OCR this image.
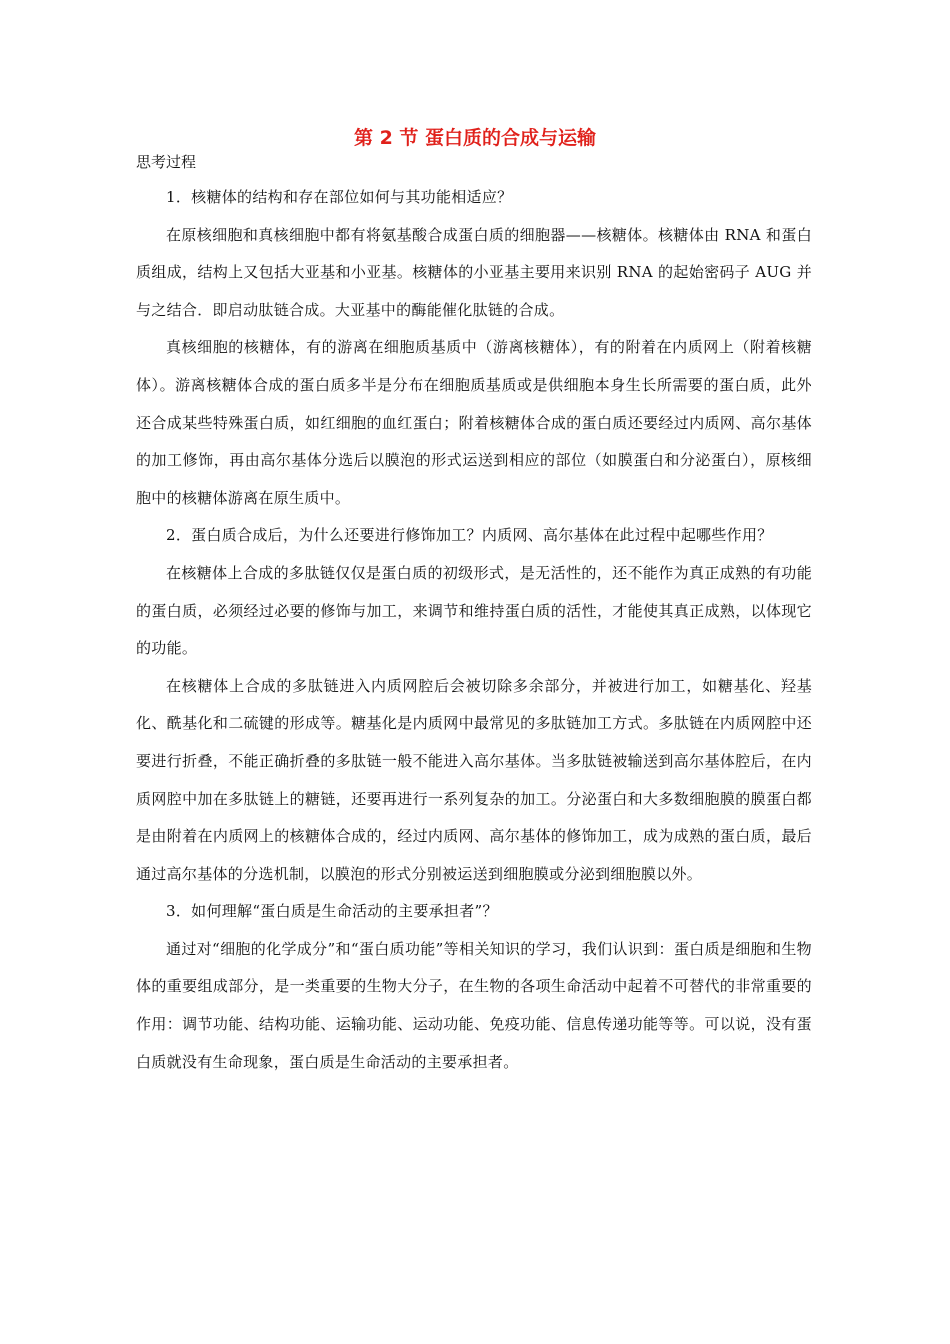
第 2 节 蛋白质的合成与运输
思考过程

1．核糖体的结构和存在部位如何与其功能相适应？

在原核细胞和真核细胞中都有将氨基酸合成蛋白质的细胞器——核糖体。核糖体由 RNA 和蛋白质组成，结构上又包括大亚基和小亚基。核糖体的小亚基主要用来识别 RNA 的起始密码子 AUG 并与之结合．即启动肽链合成。大亚基中的酶能催化肽链的合成。

真核细胞的核糖体，有的游离在细胞质基质中（游离核糖体），有的附着在内质网上（附着核糖体）。游离核糖体合成的蛋白质多半是分布在细胞质基质或是供细胞本身生长所需要的蛋白质，此外还合成某些特殊蛋白质，如红细胞的血红蛋白；附着核糖体合成的蛋白质还要经过内质网、高尔基体的加工修饰，再由高尔基体分选后以膜泡的形式运送到相应的部位（如膜蛋白和分泌蛋白），原核细胞中的核糖体游离在原生质中。

2．蛋白质合成后，为什么还要进行修饰加工？内质网、高尔基体在此过程中起哪些作用？

在核糖体上合成的多肽链仅仅是蛋白质的初级形式，是无活性的，还不能作为真正成熟的有功能的蛋白质，必须经过必要的修饰与加工，来调节和维持蛋白质的活性，才能使其真正成熟，以体现它的功能。

在核糖体上合成的多肽链进入内质网腔后会被切除多余部分，并被进行加工，如糖基化、羟基化、酰基化和二硫键的形成等。糖基化是内质网中最常见的多肽链加工方式。多肽链在内质网腔中还要进行折叠，不能正确折叠的多肽链一般不能进入高尔基体。当多肽链被输送到高尔基体腔后，在内质网腔中加在多肽链上的糖链，还要再进行一系列复杂的加工。分泌蛋白和大多数细胞膜的膜蛋白都是由附着在内质网上的核糖体合成的，经过内质网、高尔基体的修饰加工，成为成熟的蛋白质，最后通过高尔基体的分选机制，以膜泡的形式分别被运送到细胞膜或分泌到细胞膜以外。

3．如何理解“蛋白质是生命活动的主要承担者”？

通过对“细胞的化学成分”和“蛋白质功能”等相关知识的学习，我们认识到：蛋白质是细胞和生物体的重要组成部分，是一类重要的生物大分子，在生物的各项生命活动中起着不可替代的非常重要的作用：调节功能、结构功能、运输功能、运动功能、免疫功能、信息传递功能等等。可以说，没有蛋白质就没有生命现象，蛋白质是生命活动的主要承担者。
